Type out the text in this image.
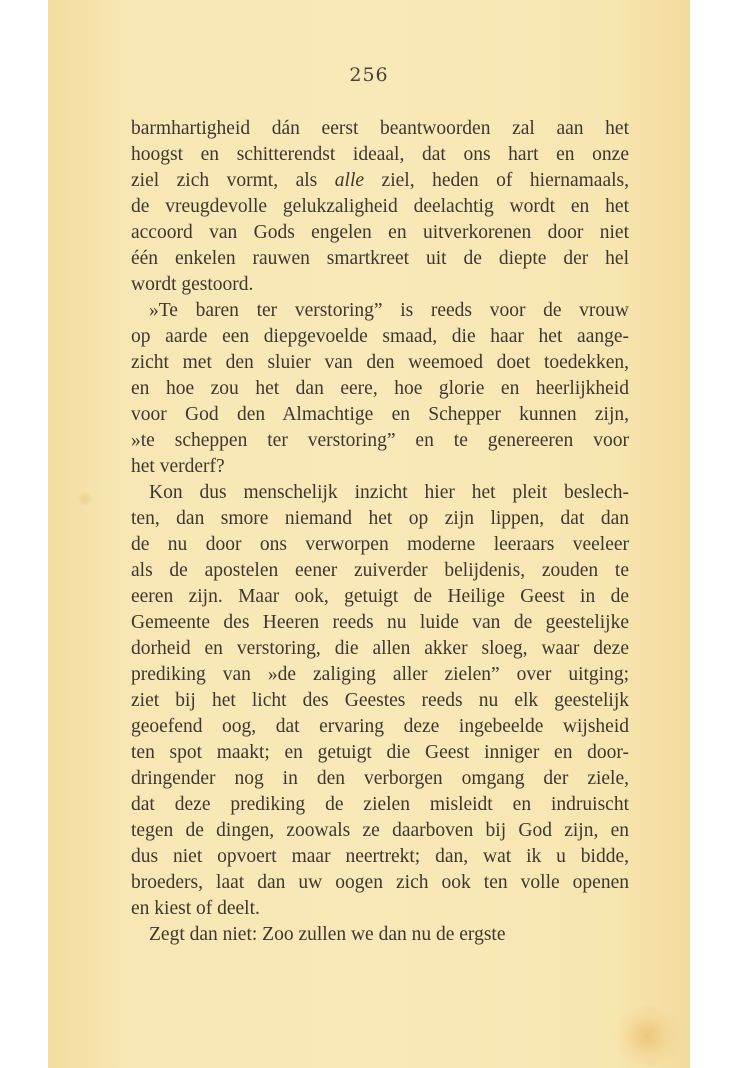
256
barmhartigheid dán eerst beantwoorden zal aan het
hoogst en schitterendst ideaal, dat ons hart en onze
ziel zich vormt, als alle ziel, heden of hiernamaals,
de vreugdevolle gelukzaligheid deelachtig wordt en het
accoord van Gods engelen en uitverkorenen door niet
één enkelen rauwen smartkreet uit de diepte der hel
wordt gestoord.
»Te baren ter verstoring” is reeds voor de vrouw
op aarde een diepgevoelde smaad, die haar het aange-
zicht met den sluier van den weemoed doet toedekken,
en hoe zou het dan eere, hoe glorie en heerlijkheid
voor God den Almachtige en Schepper kunnen zijn,
»te scheppen ter verstoring” en te genereeren voor
het verderf?
Kon dus menschelijk inzicht hier het pleit beslech-
ten, dan smore niemand het op zijn lippen, dat dan
de nu door ons verworpen moderne leeraars veeleer
als de apostelen eener zuiverder belijdenis, zouden te
eeren zijn. Maar ook, getuigt de Heilige Geest in de
Gemeente des Heeren reeds nu luide van de geestelijke
dorheid en verstoring, die allen akker sloeg, waar deze
prediking van »de zaliging aller zielen” over uitging;
ziet bij het licht des Geestes reeds nu elk geestelijk
geoefend oog, dat ervaring deze ingebeelde wijsheid
ten spot maakt; en getuigt die Geest inniger en door-
dringender nog in den verborgen omgang der ziele,
dat deze prediking de zielen misleidt en indruischt
tegen de dingen, zoowals ze daarboven bij God zijn, en
dus niet opvoert maar neertrekt; dan, wat ik u bidde,
broeders, laat dan uw oogen zich ook ten volle openen
en kiest of deelt.
Zegt dan niet: Zoo zullen we dan nu de ergste
